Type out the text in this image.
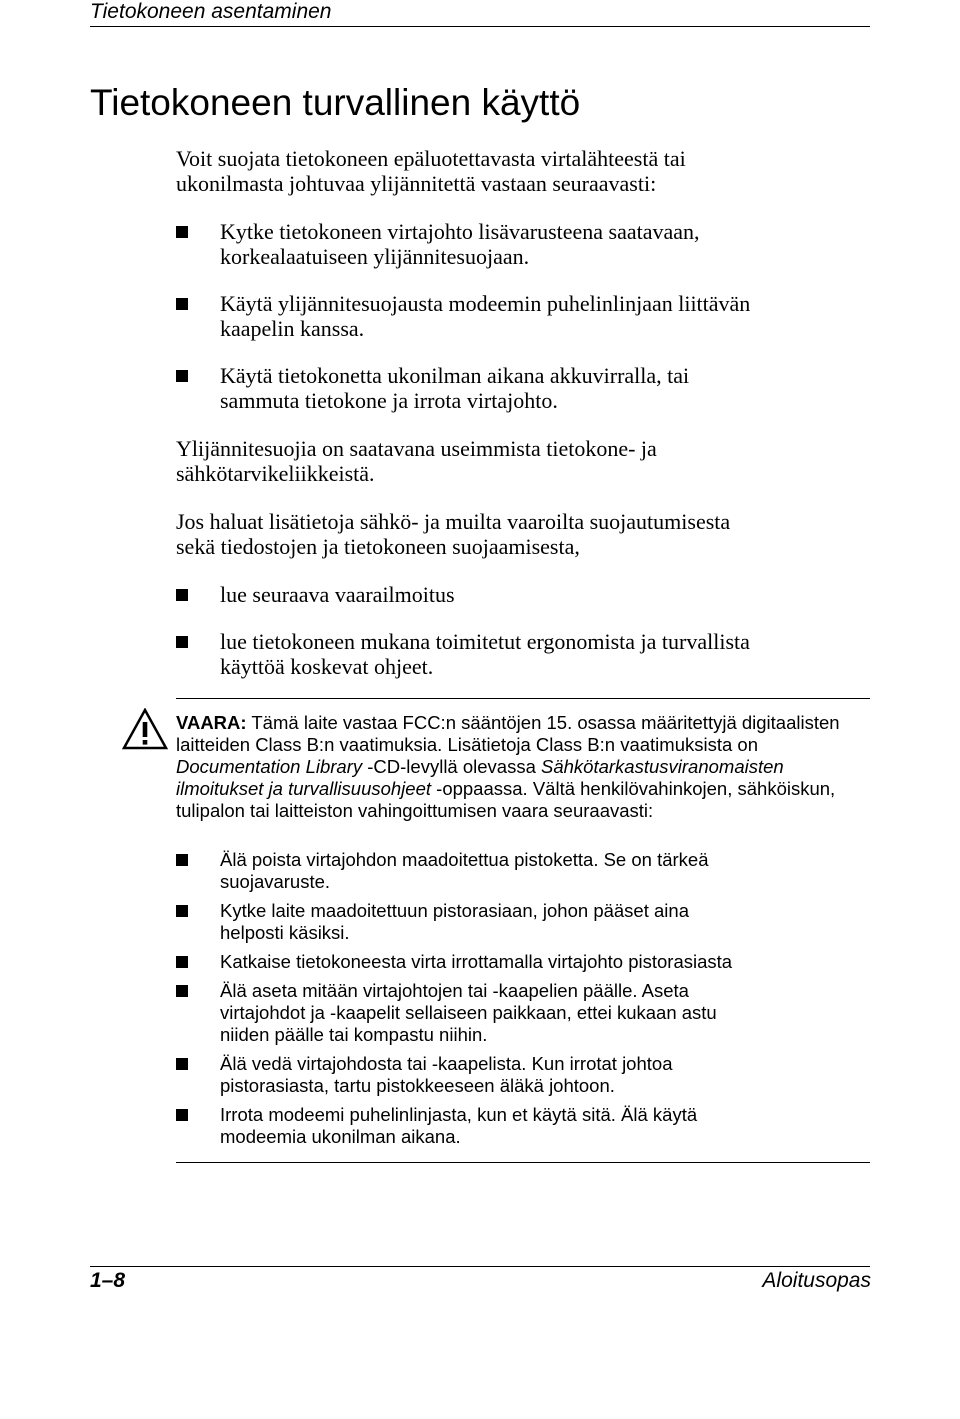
Tietokoneen asentaminen
Tietokoneen turvallinen käyttö

Voit suojata tietokoneen epäluotettavasta virtalähteestä tai
ukonilmasta johtuvaa ylijännitettä vastaan seuraavasti:

Kytke tietokoneen virtajohto lisävarusteena saatavaan,
korkealaatuiseen ylijännitesuojaan.
Käytä ylijännitesuojausta modeemin puhelinlinjaan liittävän
kaapelin kanssa.
Käytä tietokonetta ukonilman aikana akkuvirralla, tai
sammuta tietokone ja irrota virtajohto.

Ylijännitesuojia on saatavana useimmista tietokone- ja
sähkötarvikeliikkeistä.

Jos haluat lisätietoja sähkö- ja muilta vaaroilta suojautumisesta
sekä tiedostojen ja tietokoneen suojaamisesta,

lue seuraava vaarailmoitus
lue tietokoneen mukana toimitetut ergonomista ja turvallista
käyttöä koskevat ohjeet.

VAARA: Tämä laite vastaa FCC:n sääntöjen 15. osassa määritettyjä digitaalisten laitteiden Class B:n vaatimuksia. Lisätietoja Class B:n vaatimuksista on Documentation Library -CD-levyllä olevassa Sähkötarkastusviranomaisten ilmoitukset ja turvallisuusohjeet -oppaassa. Vältä henkilövahinkojen, sähköiskun, tulipalon tai laitteiston vahingoittumisen vaara seuraavasti:

Älä poista virtajohdon maadoitettua pistoketta. Se on tärkeä
suojavaruste.
Kytke laite maadoitettuun pistorasiaan, johon pääset aina
helposti käsiksi.
Katkaise tietokoneesta virta irrottamalla virtajohto pistorasiasta
Älä aseta mitään virtajohtojen tai -kaapelien päälle. Aseta
virtajohdot ja -kaapelit sellaiseen paikkaan, ettei kukaan astu
niiden päälle tai kompastu niihin.
Älä vedä virtajohdosta tai -kaapelista. Kun irrotat johtoa
pistorasiasta, tartu pistokkeeseen äläkä johtoon.
Irrota modeemi puhelinlinjasta, kun et käytä sitä. Älä käytä
modeemia ukonilman aikana.
1–8	Aloitusopas
